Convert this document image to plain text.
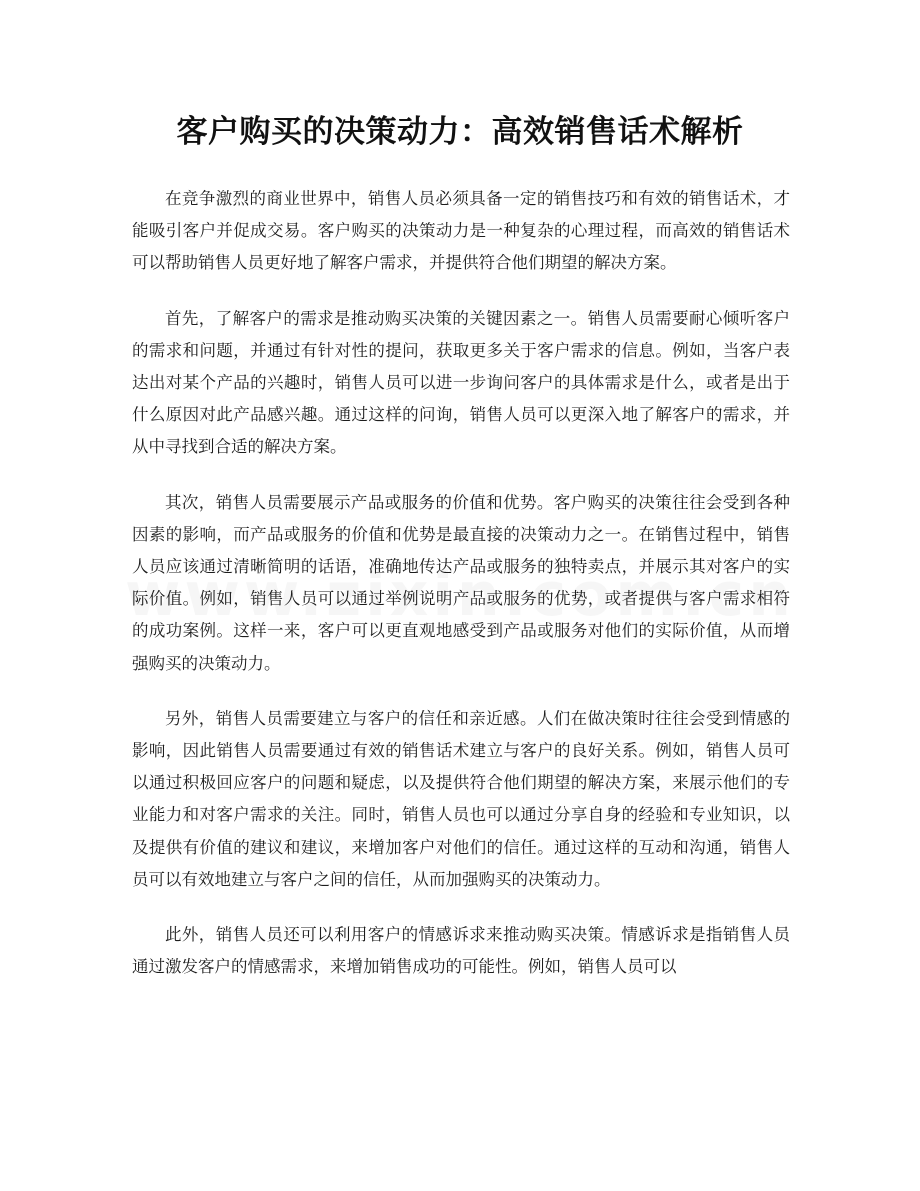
客户购买的决策动力：高效销售话术解析

在竞争激烈的商业世界中，销售人员必须具备一定的销售技巧和有效的销售话术，才能吸引客户并促成交易。客户购买的决策动力是一种复杂的心理过程，而高效的销售话术可以帮助销售人员更好地了解客户需求，并提供符合他们期望的解决方案。

首先，了解客户的需求是推动购买决策的关键因素之一。销售人员需要耐心倾听客户的需求和问题，并通过有针对性的提问，获取更多关于客户需求的信息。例如，当客户表达出对某个产品的兴趣时，销售人员可以进一步询问客户的具体需求是什么，或者是出于什么原因对此产品感兴趣。通过这样的问询，销售人员可以更深入地了解客户的需求，并从中寻找到合适的解决方案。

其次，销售人员需要展示产品或服务的价值和优势。客户购买的决策往往会受到各种因素的影响，而产品或服务的价值和优势是最直接的决策动力之一。在销售过程中，销售人员应该通过清晰简明的话语，准确地传达产品或服务的独特卖点，并展示其对客户的实际价值。例如，销售人员可以通过举例说明产品或服务的优势，或者提供与客户需求相符的成功案例。这样一来，客户可以更直观地感受到产品或服务对他们的实际价值，从而增强购买的决策动力。

另外，销售人员需要建立与客户的信任和亲近感。人们在做决策时往往会受到情感的影响，因此销售人员需要通过有效的销售话术建立与客户的良好关系。例如，销售人员可以通过积极回应客户的问题和疑虑，以及提供符合他们期望的解决方案，来展示他们的专业能力和对客户需求的关注。同时，销售人员也可以通过分享自身的经验和专业知识，以及提供有价值的建议和建议，来增加客户对他们的信任。通过这样的互动和沟通，销售人员可以有效地建立与客户之间的信任，从而加强购买的决策动力。

此外，销售人员还可以利用客户的情感诉求来推动购买决策。情感诉求是指销售人员通过激发客户的情感需求，来增加销售成功的可能性。例如，销售人员可以
